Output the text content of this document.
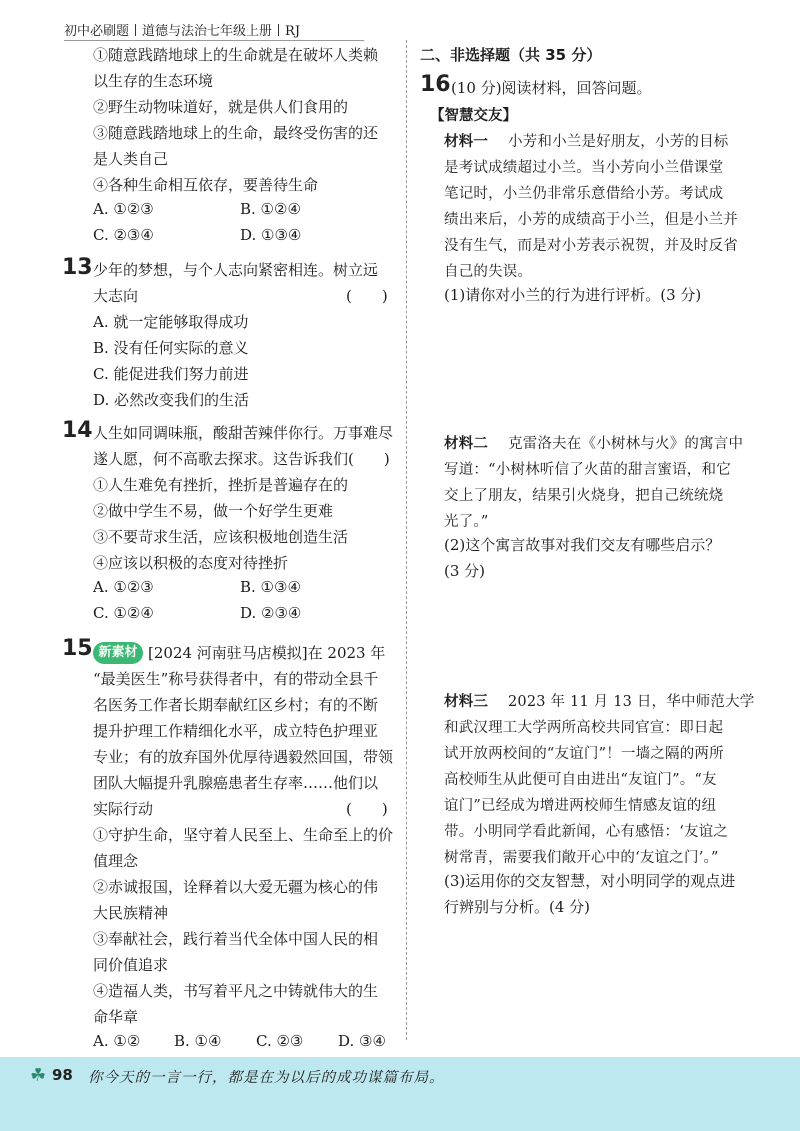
初中必刷题 道德与法治七年级上册 RJ
①随意践踏地球上的生命就是在破坏人类赖
以生存的生态环境
②野生动物味道好，就是供人们食用的
③随意践踏地球上的生命，最终受伤害的还
是人类自己
④各种生命相互依存，要善待生命
A. ①②③	B. ①②④
C. ②③④	D. ①③④
13 少年的梦想，与个人志向紧密相连。树立远
大志向	(　　)
A. 就一定能够取得成功
B. 没有任何实际的意义
C. 能促进我们努力前进
D. 必然改变我们的生活
14 人生如同调味瓶，酸甜苦辣伴你行。万事难尽
遂人愿，何不高歌去探求。这告诉我们(　　)
①人生难免有挫折，挫折是普遍存在的
②做中学生不易，做一个好学生更难
③不要苛求生活，应该积极地创造生活
④应该以积极的态度对待挫折
A. ①②③	B. ①③④
C. ①②④	D. ②③④
15 新素材 [2024 河南驻马店模拟]在 2023 年
“最美医生”称号获得者中，有的带动全县千
名医务工作者长期奉献红区乡村；有的不断
提升护理工作精细化水平，成立特色护理亚
专业；有的放弃国外优厚待遇毅然回国，带领
团队大幅提升乳腺癌患者生存率……他们以
实际行动	(　　)
①守护生命，坚守着人民至上、生命至上的价
值理念
②赤诚报国，诠释着以大爱无疆为核心的伟
大民族精神
③奉献社会，践行着当代全体中国人民的相
同价值追求
④造福人类，书写着平凡之中铸就伟大的生
命华章
A. ①② B. ①④ C. ②③ D. ③④
二、非选择题（共 35 分）
16 (10 分)阅读材料，回答问题。
【智慧交友】
材料一 小芳和小兰是好朋友，小芳的目标
是考试成绩超过小兰。当小芳向小兰借课堂
笔记时，小兰仍非常乐意借给小芳。考试成
绩出来后，小芳的成绩高于小兰，但是小兰并
没有生气，而是对小芳表示祝贺，并及时反省
自己的失误。
(1)请你对小兰的行为进行评析。(3 分)
材料二 克雷洛夫在《小树林与火》的寓言中
写道：“小树林听信了火苗的甜言蜜语，和它
交上了朋友，结果引火烧身，把自己统统烧
光了。”
(2)这个寓言故事对我们交友有哪些启示？
(3 分)
材料三 2023 年 11 月 13 日，华中师范大学
和武汉理工大学两所高校共同官宣：即日起
试开放两校间的“友谊门”！一墙之隔的两所
高校师生从此便可自由进出“友谊门”。“友
谊门”已经成为增进两校师生情感友谊的纽
带。小明同学看此新闻，心有感悟：‘友谊之
树常青，需要我们敞开心中的‘友谊之门’。”
(3)运用你的交友智慧，对小明同学的观点进
行辨别与分析。(4 分)
☘ 98 你今天的一言一行，都是在为以后的成功谋篇布局。
